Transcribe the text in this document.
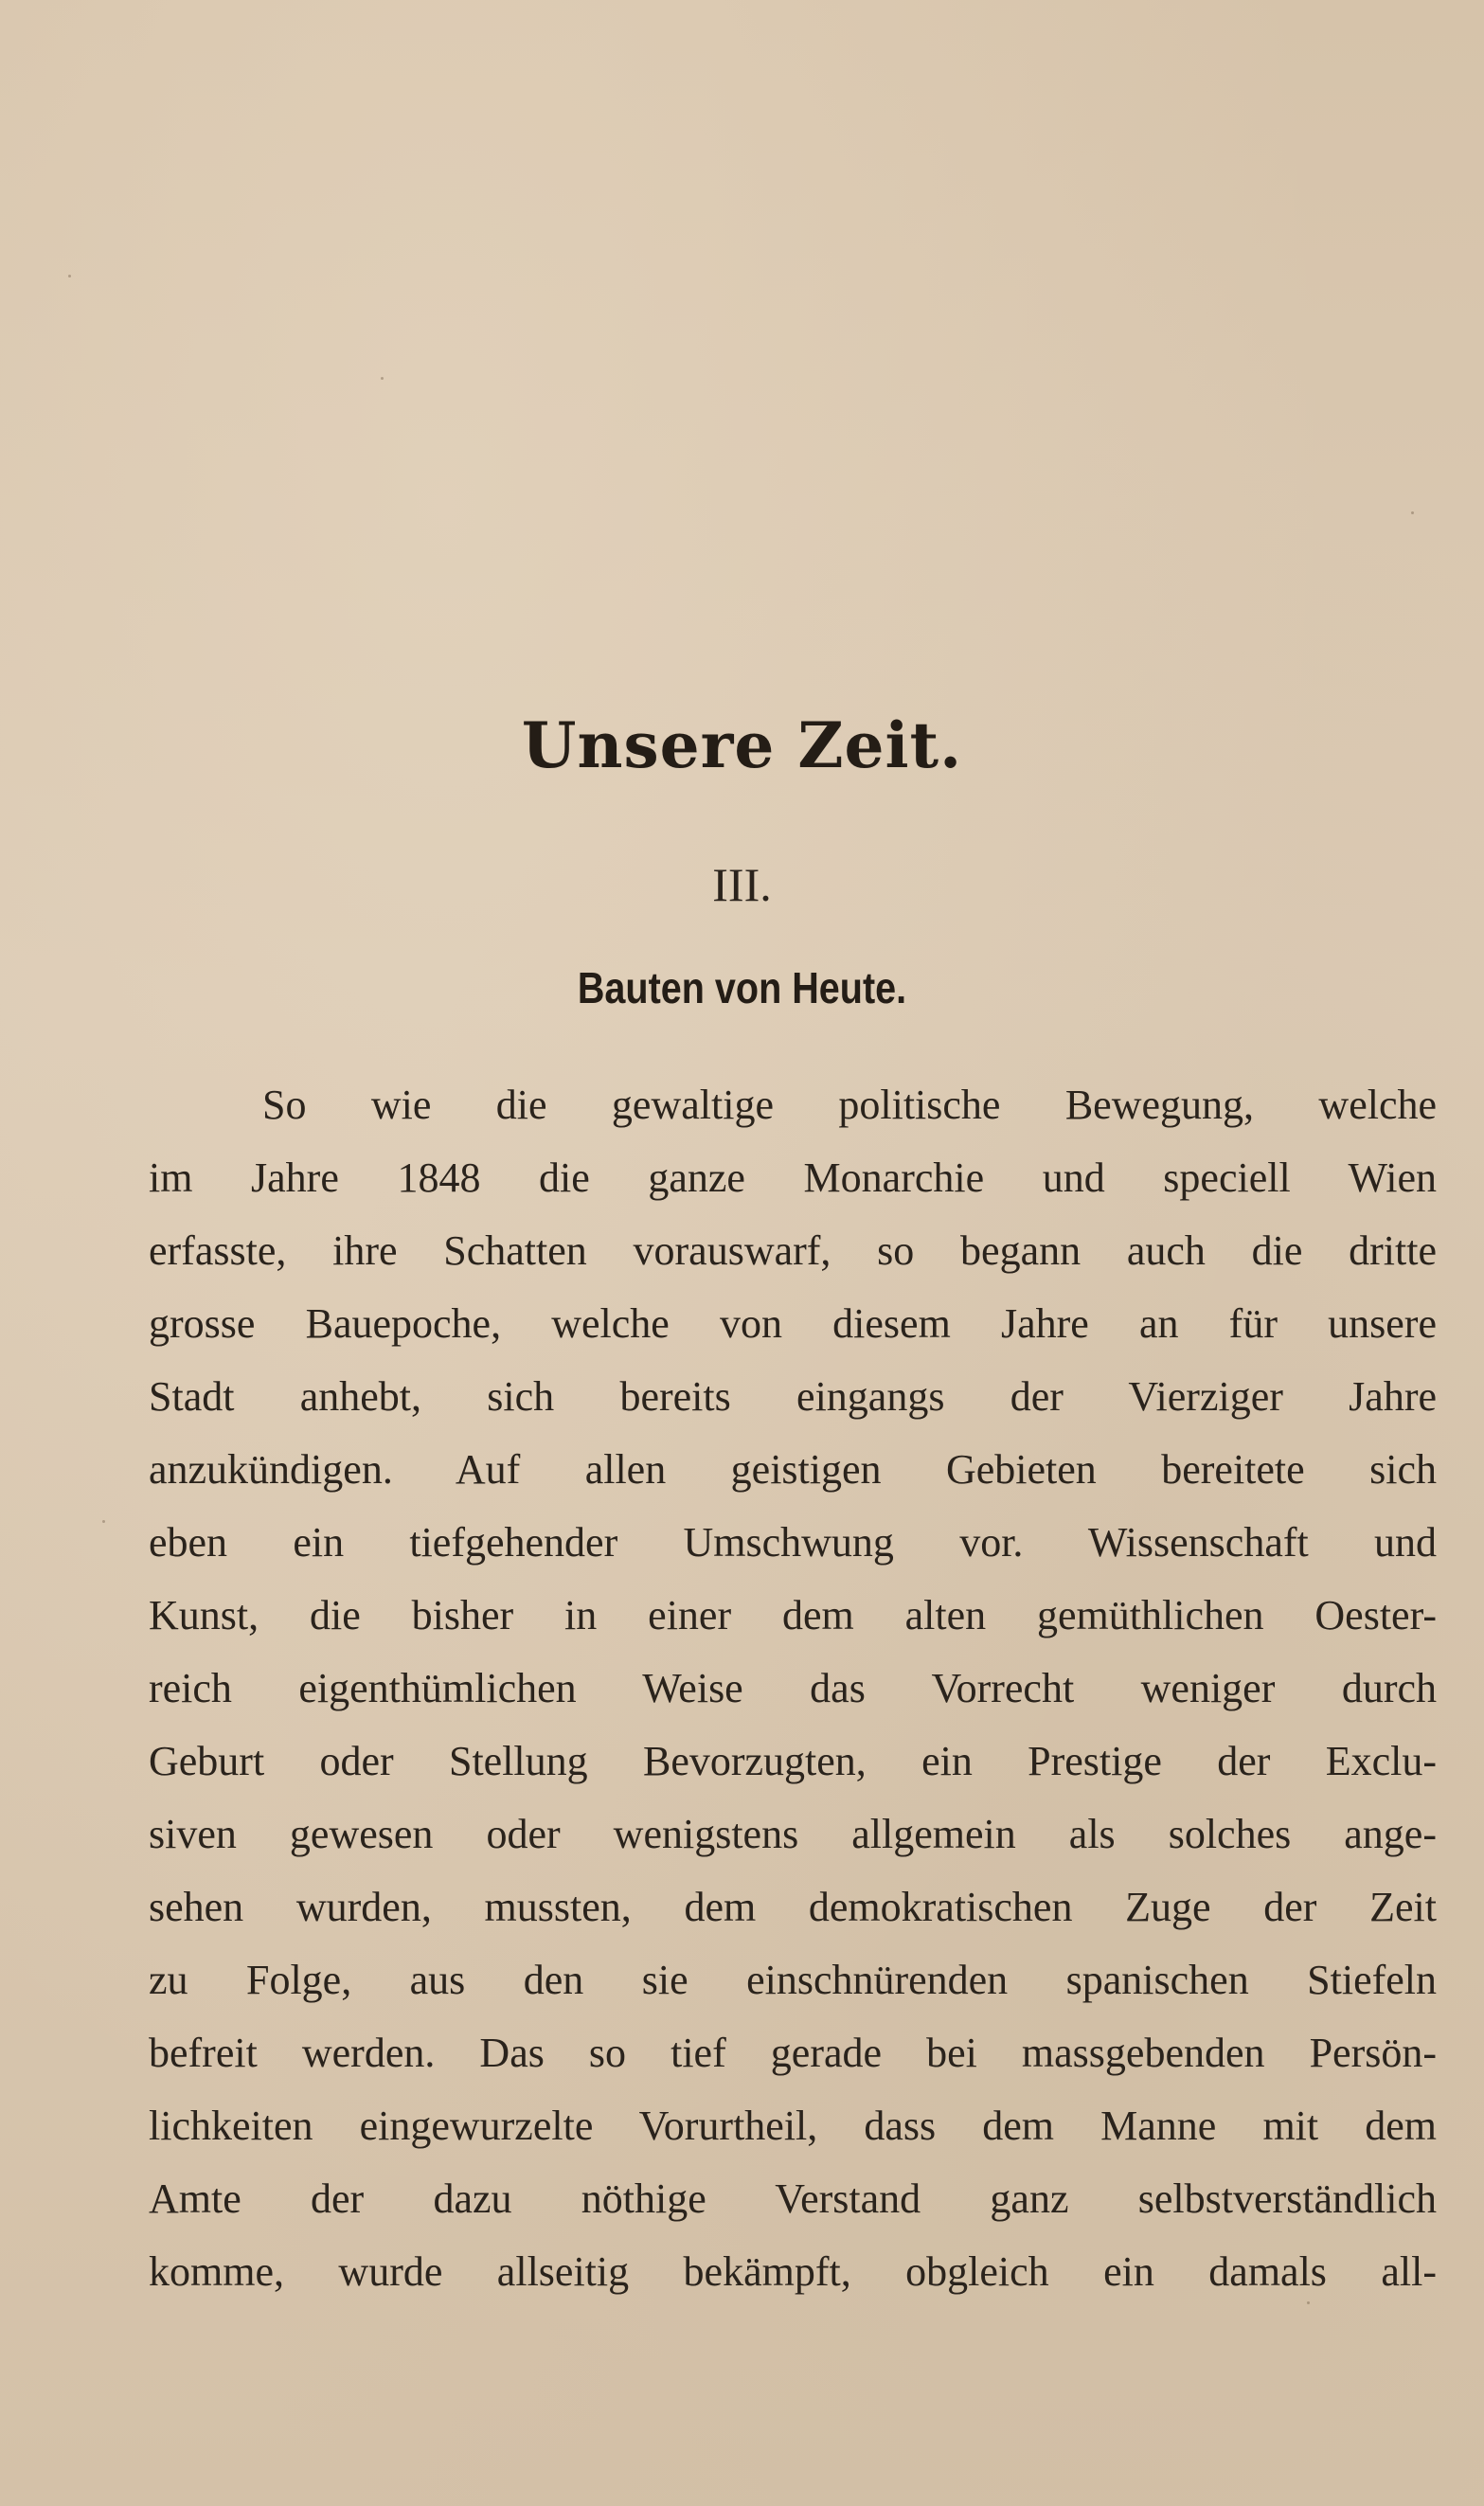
Unsere Zeit.
III.
Bauten von Heute.
So wie die gewaltige politische Bewegung, welche
im Jahre 1848 die ganze Monarchie und speciell Wien
erfasste, ihre Schatten vorauswarf, so begann auch die dritte
grosse Bauepoche, welche von diesem Jahre an für unsere
Stadt anhebt, sich bereits eingangs der Vierziger Jahre
anzukündigen. Auf allen geistigen Gebieten bereitete sich
eben ein tiefgehender Umschwung vor. Wissenschaft und
Kunst, die bisher in einer dem alten gemüthlichen Oester-
reich eigenthümlichen Weise das Vorrecht weniger durch
Geburt oder Stellung Bevorzugten, ein Prestige der Exclu-
siven gewesen oder wenigstens allgemein als solches ange-
sehen wurden, mussten, dem demokratischen Zuge der Zeit
zu Folge, aus den sie einschnürenden spanischen Stiefeln
befreit werden. Das so tief gerade bei massgebenden Persön-
lichkeiten eingewurzelte Vorurtheil, dass dem Manne mit dem
Amte der dazu nöthige Verstand ganz selbstverständlich
komme, wurde allseitig bekämpft, obgleich ein damals all-
